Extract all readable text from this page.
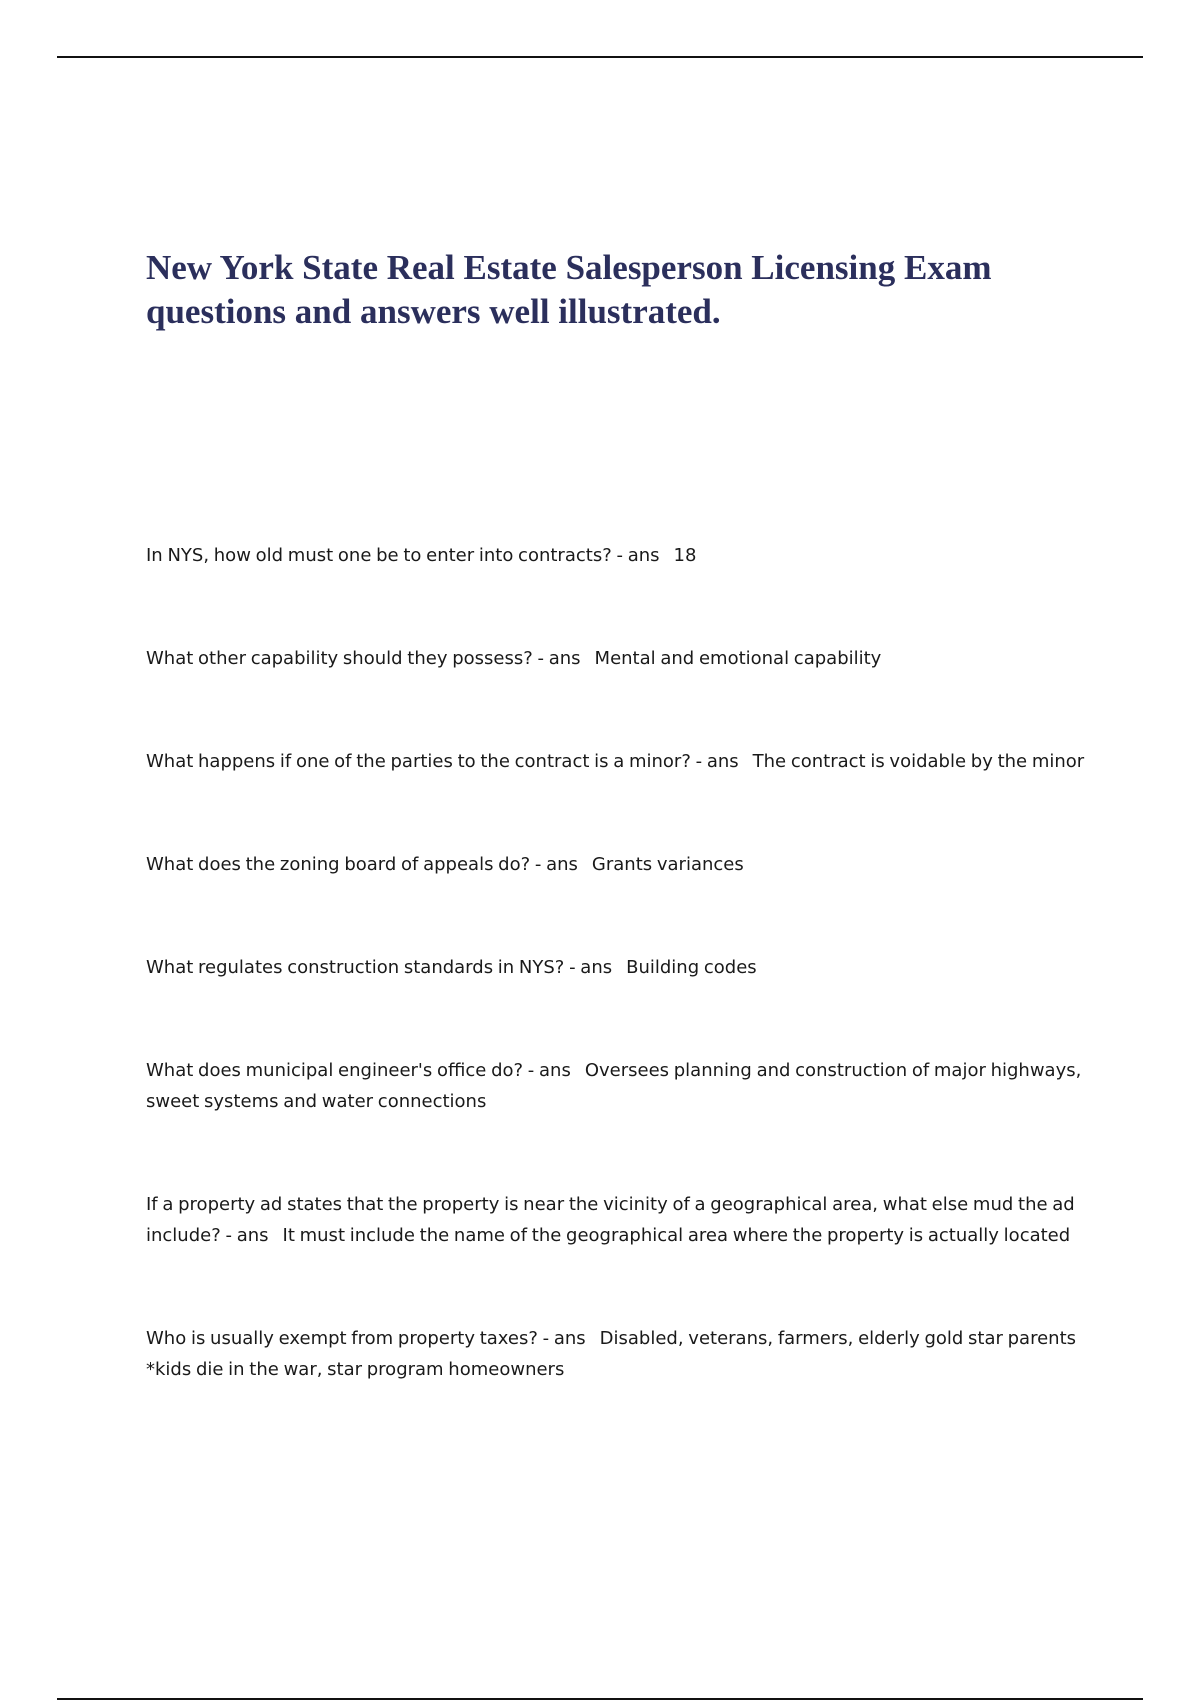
New York State Real Estate Salesperson Licensing Exam questions and answers well illustrated.
In NYS, how old must one be to enter into contracts? - ans 18
What other capability should they possess? - ans Mental and emotional capability
What happens if one of the parties to the contract is a minor? - ans The contract is voidable by the minor
What does the zoning board of appeals do? - ans Grants variances
What regulates construction standards in NYS? - ans Building codes
What does municipal engineer's office do? - ans Oversees planning and construction of major highways, sweet systems and water connections
If a property ad states that the property is near the vicinity of a geographical area, what else mud the ad include? - ans It must include the name of the geographical area where the property is actually located
Who is usually exempt from property taxes? - ans Disabled, veterans, farmers, elderly gold star parents *kids die in the war, star program homeowners
